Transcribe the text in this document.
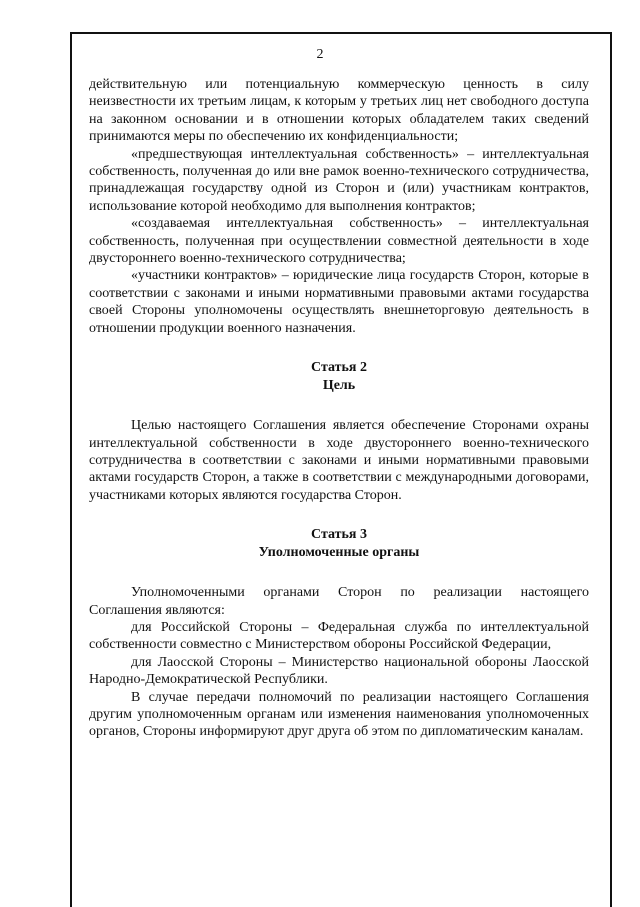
2

действительную или потенциальную коммерческую ценность в силу неизвестности их третьим лицам, к которым у третьих лиц нет свободного доступа на законном основании и в отношении которых обладателем таких сведений принимаются меры по обеспечению их конфиденциальности;

«предшествующая интеллектуальная собственность» – интеллектуальная собственность, полученная до или вне рамок военно-технического сотрудничества, принадлежащая государству одной из Сторон и (или) участникам контрактов, использование которой необходимо для выполнения контрактов;

«создаваемая интеллектуальная собственность» – интеллектуальная собственность, полученная при осуществлении совместной деятельности в ходе двустороннего военно-технического сотрудничества;

«участники контрактов» – юридические лица государств Сторон, которые в соответствии с законами и иными нормативными правовыми актами государства своей Стороны уполномочены осуществлять внешнеторговую деятельность в отношении продукции военного назначения.

Статья 2
Цель

Целью настоящего Соглашения является обеспечение Сторонами охраны интеллектуальной собственности в ходе двустороннего военно-технического сотрудничества в соответствии с законами и иными нормативными правовыми актами государств Сторон, а также в соответствии с международными договорами, участниками которых являются государства Сторон.

Статья 3
Уполномоченные органы

Уполномоченными органами Сторон по реализации настоящего Соглашения являются:

для Российской Стороны – Федеральная служба по интеллектуальной собственности совместно с Министерством обороны Российской Федерации,

для Лаосской Стороны – Министерство национальной обороны Лаосской Народно-Демократической Республики.

В случае передачи полномочий по реализации настоящего Соглашения другим уполномоченным органам или изменения наименования уполномоченных органов, Стороны информируют друг друга об этом по дипломатическим каналам.
